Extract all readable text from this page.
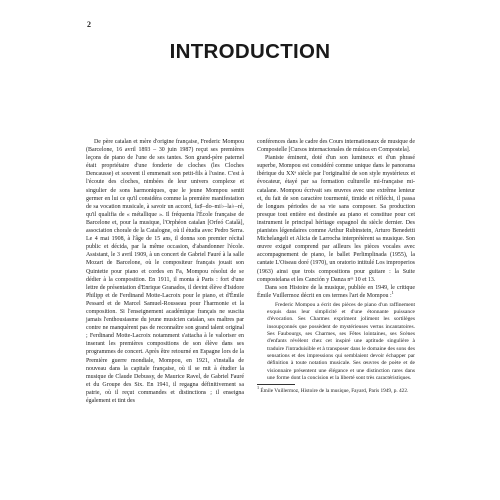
2
INTRODUCTION

De père catalan et mère d'origine française, Frederic Mompou (Barcelone, 16 avril 1893 – 30 juin 1987) reçut ses premières leçons de piano de l'une de ses tantes. Son grand-père paternel était propriétaire d'une fonderie de cloches (les Cloches Dencausse) et souvent il emmenait son petit-fils à l'usine. C'est à l'écoute des cloches, nimbées de leur univers complexe et singulier de sons harmoniques, que le jeune Mompou sentit germer en lui ce qu'il considéra comme la première manifestation de sa vocation musicale, à savoir un accord, fa♯–do–mi♭–la♭–ré, qu'il qualifia de « métallique ». Il fréquenta l'École française de Barcelone et, pour la musique, l'Orphéon catalan [Orfeó Català], association chorale de la Catalogne, où il étudia avec Pedro Serra. Le 4 mai 1908, à l'âge de 15 ans, il donna son premier récital public et décida, par la même occasion, d'abandonner l'école. Assistant, le 3 avril 1909, à un concert de Gabriel Fauré à la salle Mozart de Barcelone, où le compositeur français jouait son Quintette pour piano et cordes en Fa, Mompou résolut de se dédier à la composition. En 1911, il monta à Paris : fort d'une lettre de présentation d'Enrique Granados, il devint élève d'Isidore Philipp et de Ferdinand Motte-Lacroix pour le piano, et d'Émile Pessard et de Marcel Samuel-Rousseau pour l'harmonie et la composition. Si l'enseignement académique français ne suscita jamais l'enthousiasme du jeune musicien catalan, ses maîtres par contre ne manquèrent pas de reconnaître son grand talent original ; Ferdinand Motte-Lacroix notamment s'attacha à le valoriser en inserant les premières compositions de son élève dans ses programmes de concert. Après être retourné en Espagne lors de la Première guerre mondiale, Mompou, en 1921, s'installa de nouveau dans la capitale française, où il se mit à étudier la musique de Claude Debussy, de Maurice Ravel, de Gabriel Fauré et du Groupe des Six. En 1941, il regagna définitivement sa patrie, où il reçut commandes et distinctions ; il enseigna également et tint des

conférences dans le cadre des Cours internationaux de musique de Compostelle [Cursos internacionales de música en Compostela].

Pianiste éminent, doté d'un son lumineux et d'un phrasé superbe, Mompou est considéré comme unique dans le panorama ibérique du XXᵉ siècle par l'originalité de son style mystérieux et évocateur, étayé par sa formation culturelle mi-française mi-catalane. Mompou écrivait ses œuvres avec une extrême lenteur et, du fait de son caractère tourmenté, timide et réfléchi, il passa de longues périodes de sa vie sans composer. Sa production presque tout entière est destinée au piano et constitue pour cet instrument le principal héritage espagnol du siècle dernier. Des pianistes légendaires comme Arthur Rubinstein, Arturo Benedetti Michelangeli et Alicia de Larrocha interprétèrent sa musique. Son œuvre exiguë comprend par ailleurs les pièces vocales avec accompagnement de piano, le ballet Perlimplinada (1955), la cantate L'Oiseau doré (1970), un oratorio intitulé Los improperios (1963) ainsi que trois compositions pour guitare : la Suite compostelana et les Canción y Danza nᵒˢ 10 et 13.

Dans son Histoire de la musique, publiée en 1949, le critique Émile Vuillermoz décrit en ces termes l'art de Mompou :$^1$

Frederic Mompou a écrit des pièces de piano d'un raffinement exquis dans leur simplicité et d'une étonnante puissance d'évocation. Ses Charmes expriment joliment les sortilèges insoupçonnés que possèdent de mystérieuses vertus incantatoires. Ses Faubourgs, ses Charmes, ses Fêtes lointaines, ses Scènes d'enfants révèlent chez cet inspiré une aptitude singulière à traduire l'intraduisible et à transposer dans le domaine des sons des sensations et des impressions qui semblaient devoir échapper par définition à toute notation musicale. Ses œuvres de poète et de visionnaire présentent une élégance et une distinction rares dans une forme dont la concision et la liberté sont très caractéristiques.

$^1$ Émile Vuillermoz, Histoire de la musique, Fayard, Paris 1949, p. 422.
